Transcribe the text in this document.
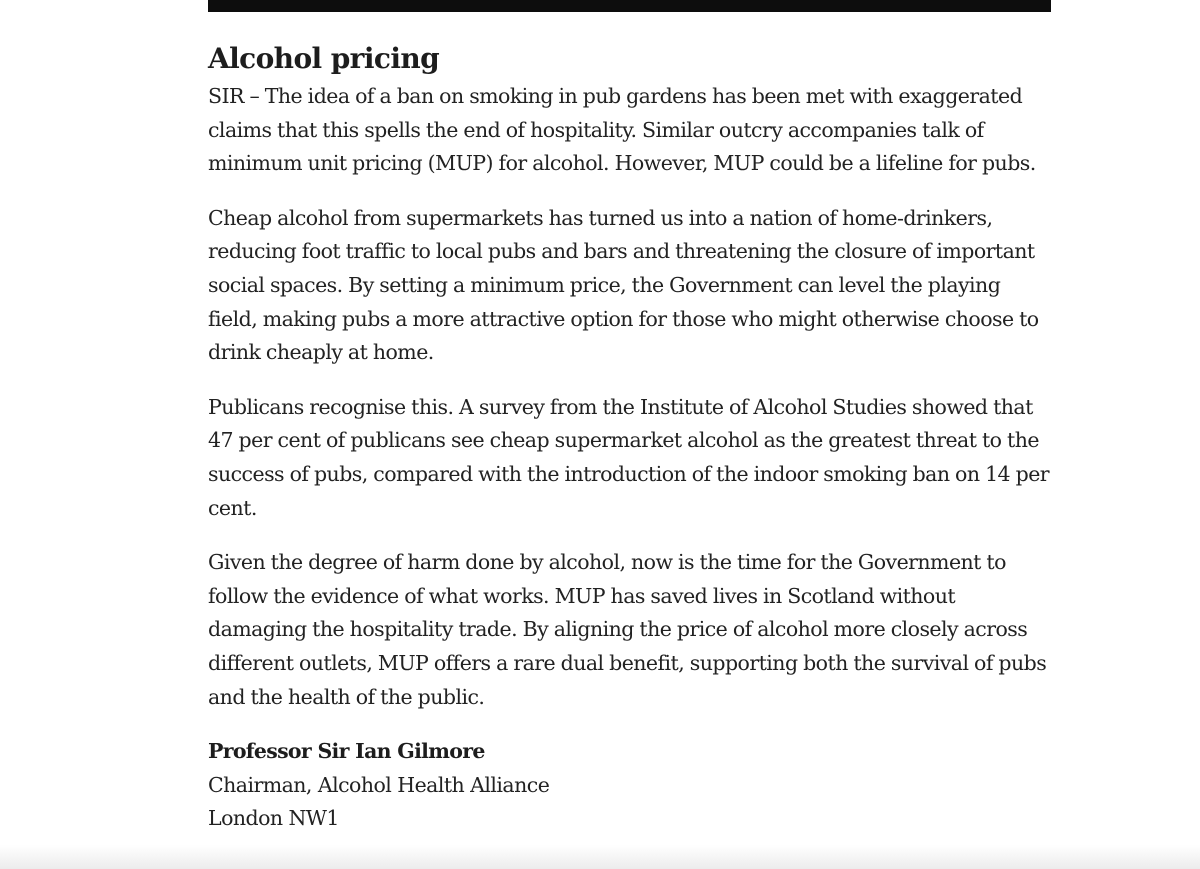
Alcohol pricing

SIR – The idea of a ban on smoking in pub gardens has been met with exaggerated claims that this spells the end of hospitality. Similar outcry accompanies talk of minimum unit pricing (MUP) for alcohol. However, MUP could be a lifeline for pubs.

Cheap alcohol from supermarkets has turned us into a nation of home-drinkers, reducing foot traffic to local pubs and bars and threatening the closure of important social spaces. By setting a minimum price, the Government can level the playing field, making pubs a more attractive option for those who might otherwise choose to drink cheaply at home.

Publicans recognise this. A survey from the Institute of Alcohol Studies showed that 47 per cent of publicans see cheap supermarket alcohol as the greatest threat to the success of pubs, compared with the introduction of the indoor smoking ban on 14 per cent.

Given the degree of harm done by alcohol, now is the time for the Government to follow the evidence of what works. MUP has saved lives in Scotland without damaging the hospitality trade. By aligning the price of alcohol more closely across different outlets, MUP offers a rare dual benefit, supporting both the survival of pubs and the health of the public.

Professor Sir Ian Gilmore
Chairman, Alcohol Health Alliance
London NW1
